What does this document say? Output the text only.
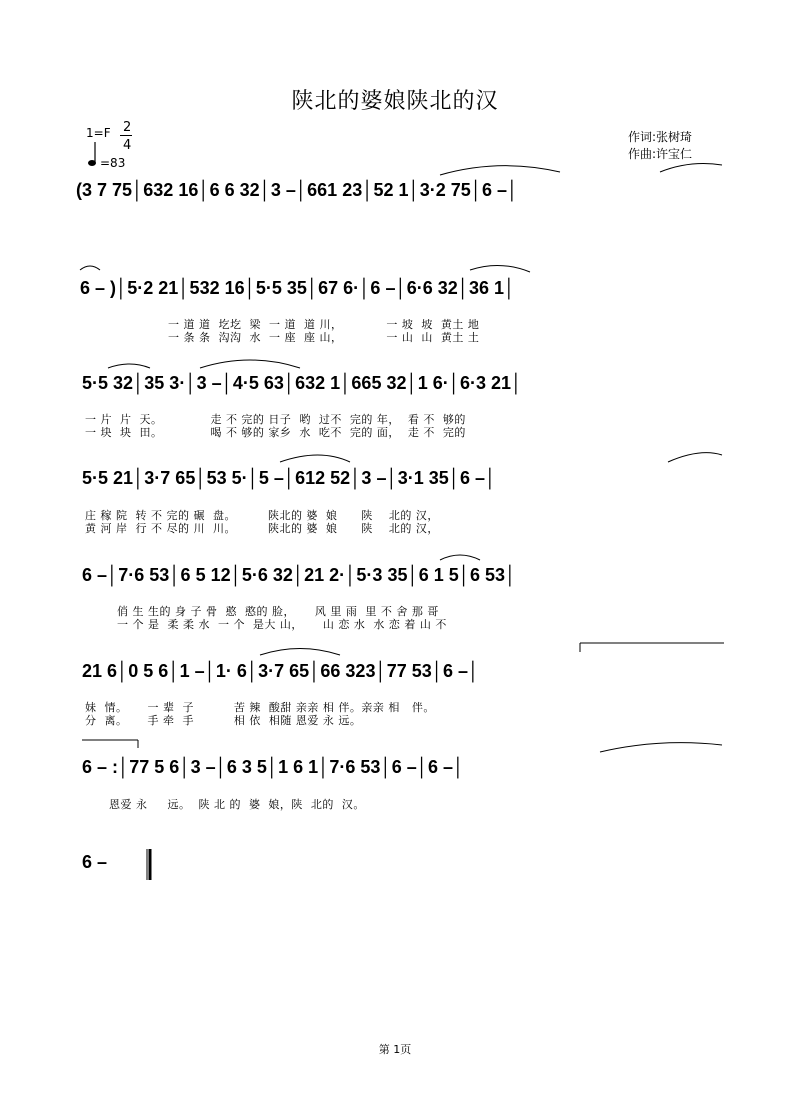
陕北的婆娘陕北的汉
1=F 2
4
=83
作词:张树琦
作曲:许宝仁
(3 7 75│632 16│6 6 32│3 –│661 23│52 1│3·2 75│6 –│
6 – )│5·2 21│532 16│5·5 35│67 6·│6 –│6·6 32│36 1│
一 道 道  圪圪  梁  一 道  道 川，           一 坡  坡  黄土 地
一 条 条  沟沟  水  一 座  座 山，           一 山  山  黄土 土
5·5 32│35 3·│3 –│4·5 63│632 1│665 32│1 6·│6·3 21│
一 片  片  天。            走 不 完的 日子  哟  过不  完的 年，  看 不  够的
一 块  块  田。            喝 不 够的 家乡  水  吃不  完的 面，  走 不  完的
5·5 21│3·7 65│53 5·│5 –│612 52│3 –│3·1 35│6 –│
庄 稼 院  转 不 完的 碾  盘。        陕北的 婆  娘      陕    北的 汉，
黄 河 岸  行 不 尽的 川  川。        陕北的 婆  娘      陕    北的 汉，
6 –│7·6 53│6 5 12│5·6 32│21 2·│5·3 35│6 1 5│6 53│
俏 生 生的 身 子 骨  憨  憨的 脸，     风 里 雨  里 不 舍 那 哥
一 个 是  柔 柔 水  一 个  是大 山，     山 恋 水  水 恋 着 山 不
21 6│0 5 6│1 –│1· 6│3·7 65│66 323│77 53│6 –│
妹  情。     一 辈  子          苦 辣  酸甜 亲亲 相 伴。亲亲 相   伴。
分  离。     手 牵  手          相 依  相随 恩爱 永 远。
6 – :│77 5 6│3 –│6 3 5│1 6 1│7·6 53│6 –│6 –│
恩爱 永     远。  陕 北 的  婆  娘，陕  北的  汉。
6 –
第 1页
